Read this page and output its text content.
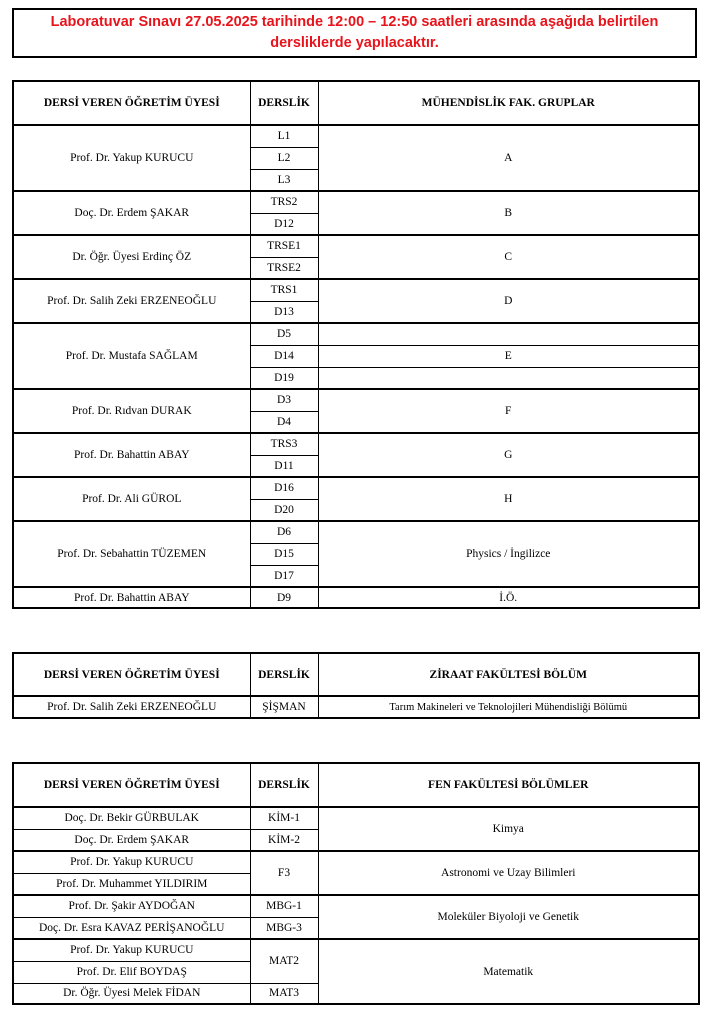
Laboratuvar Sınavı 27.05.2025 tarihinde 12:00 – 12:50 saatleri arasında aşağıda belirtilen
dersliklerde yapılacaktır.
DERSİ VEREN ÖĞRETİM ÜYESİ	DERSLİK	MÜHENDİSLİK FAK. GRUPLAR
Prof. Dr. Yakup KURUCU	L1	A
	L2	
	L3	
Doç. Dr. Erdem ŞAKAR	TRS2	B
	D12	
Dr. Öğr. Üyesi Erdinç ÖZ	TRSE1	C
	TRSE2	
Prof. Dr. Salih Zeki ERZENEOĞLU	TRS1	D
	D13	
Prof. Dr. Mustafa SAĞLAM	D5	
	D14	E
	D19	
Prof. Dr. Rıdvan DURAK	D3	F
	D4	
Prof. Dr. Bahattin ABAY	TRS3	G
	D11	
Prof. Dr. Ali GÜROL	D16	H
	D20	
Prof. Dr. Sebahattin TÜZEMEN	D6	Physics / İngilizce
	D15	
	D17	
Prof. Dr. Bahattin ABAY	D9	İ.Ö.
DERSİ VEREN ÖĞRETİM ÜYESİ	DERSLİK	ZİRAAT FAKÜLTESİ BÖLÜM
Prof. Dr. Salih Zeki ERZENEOĞLU	ŞİŞMAN	Tarım Makineleri ve Teknolojileri Mühendisliği Bölümü
DERSİ VEREN ÖĞRETİM ÜYESİ	DERSLİK	FEN FAKÜLTESİ BÖLÜMLER
Doç. Dr. Bekir GÜRBULAK	KİM-1	Kimya
Doç. Dr. Erdem ŞAKAR	KİM-2	
Prof. Dr. Yakup KURUCU	F3	Astronomi ve Uzay Bilimleri
Prof. Dr. Muhammet YILDIRIM		
Prof. Dr. Şakir AYDOĞAN	MBG-1	Moleküler Biyoloji ve Genetik
Doç. Dr. Esra KAVAZ PERİŞANOĞLU	MBG-3	
Prof. Dr. Yakup KURUCU	MAT2	Matematik
Prof. Dr. Elif BOYDAŞ		
Dr. Öğr. Üyesi Melek FİDAN	MAT3	
